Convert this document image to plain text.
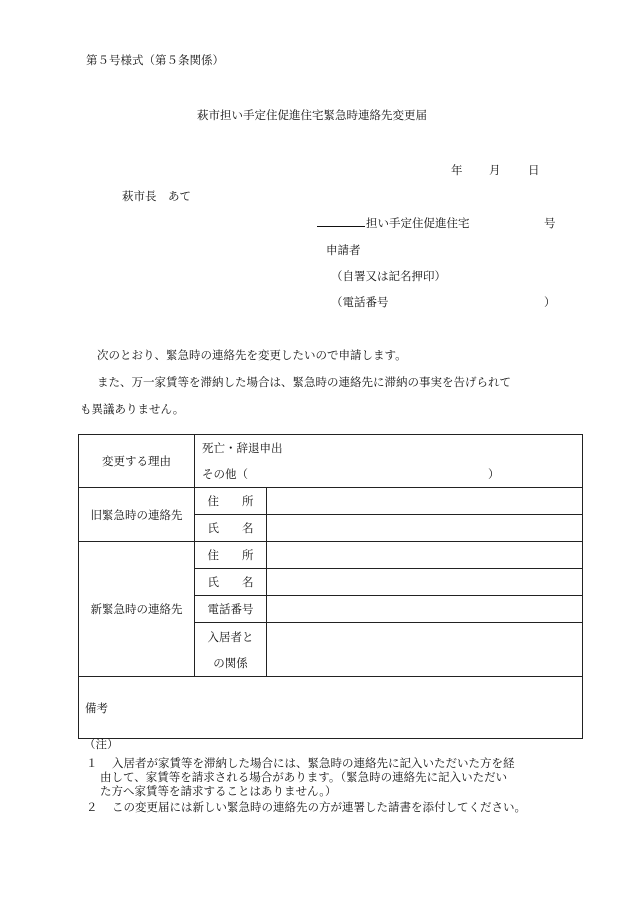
第５号様式（第５条関係）
萩市担い手定住促進住宅緊急時連絡先変更届
年 月 日
萩市長　あて
担い手定住促進住宅	号
申請者
（自署又は記名押印）
（電話番号	）
次のとおり、緊急時の連絡先を変更したいので申請します。
また、万一家賃等を滞納した場合は、緊急時の連絡先に滞納の事実を告げられて
も異議ありません。
変更する理由	死亡・辞退申出
その他（ ）	

旧緊急時の連絡先	住　　所	
	氏　　名	
新緊急時の連絡先	住　　所	
	氏　　名	
	電話番号	

	入居者と
の関係	

備考		
（注）
１ 入居者が家賃等を滞納した場合には、緊急時の連絡先に記入いただいた方を経
由して、家賃等を請求される場合があります。（緊急時の連絡先に記入いただい
た方へ家賃等を請求することはありません。）
２ この変更届には新しい緊急時の連絡先の方が連署した請書を添付してください。
